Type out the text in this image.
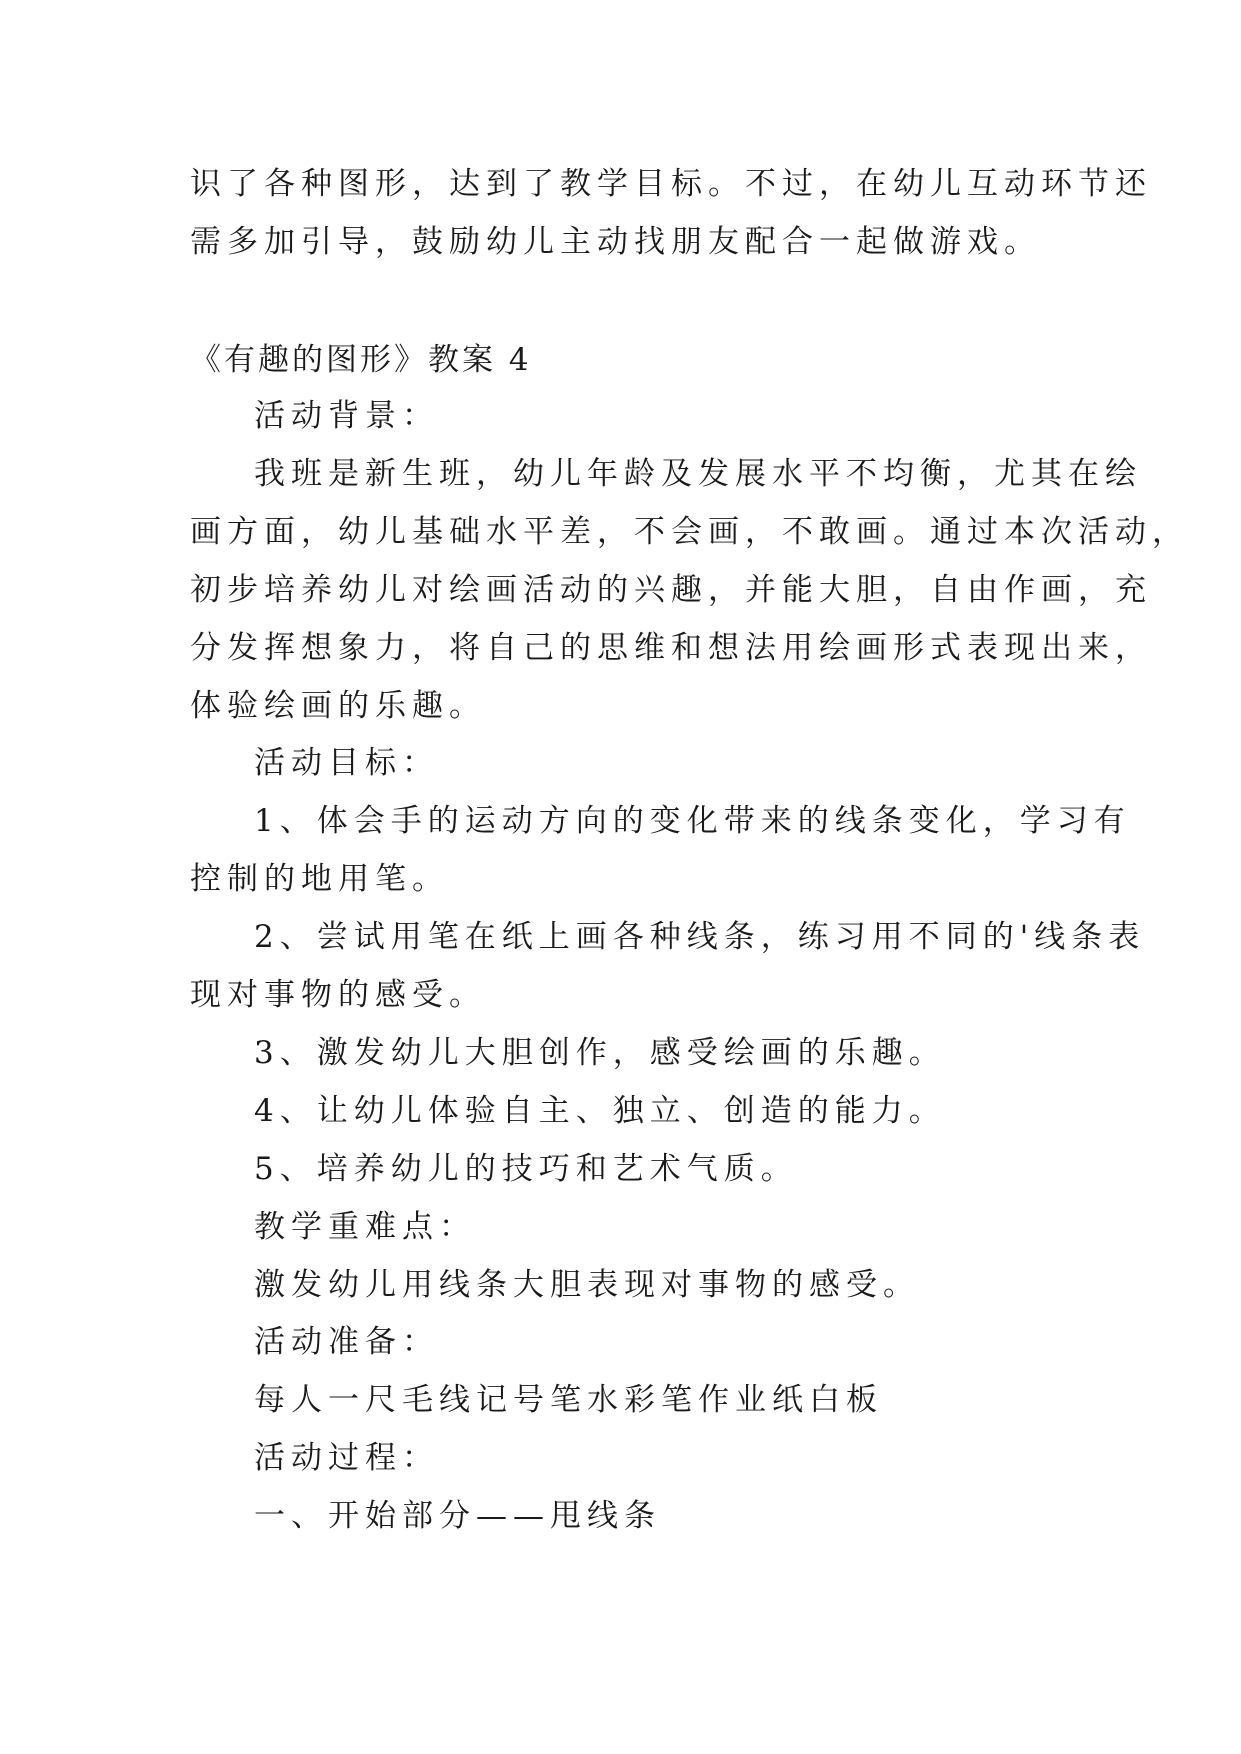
识了各种图形，达到了教学目标。不过，在幼儿互动环节还
需多加引导，鼓励幼儿主动找朋友配合一起做游戏。
《有趣的图形》教案 4
活动背景：
我班是新生班，幼儿年龄及发展水平不均衡，尤其在绘
画方面，幼儿基础水平差，不会画，不敢画。通过本次活动，
初步培养幼儿对绘画活动的兴趣，并能大胆，自由作画，充
分发挥想象力，将自己的思维和想法用绘画形式表现出来，
体验绘画的乐趣。
活动目标：
1、体会手的运动方向的变化带来的线条变化，学习有
控制的地用笔。
2、尝试用笔在纸上画各种线条，练习用不同的'线条表
现对事物的感受。
3、激发幼儿大胆创作，感受绘画的乐趣。
4、让幼儿体验自主、独立、创造的能力。
5、培养幼儿的技巧和艺术气质。
教学重难点：
激发幼儿用线条大胆表现对事物的感受。
活动准备：
每人一尺毛线记号笔水彩笔作业纸白板
活动过程：
一、开始部分——甩线条
